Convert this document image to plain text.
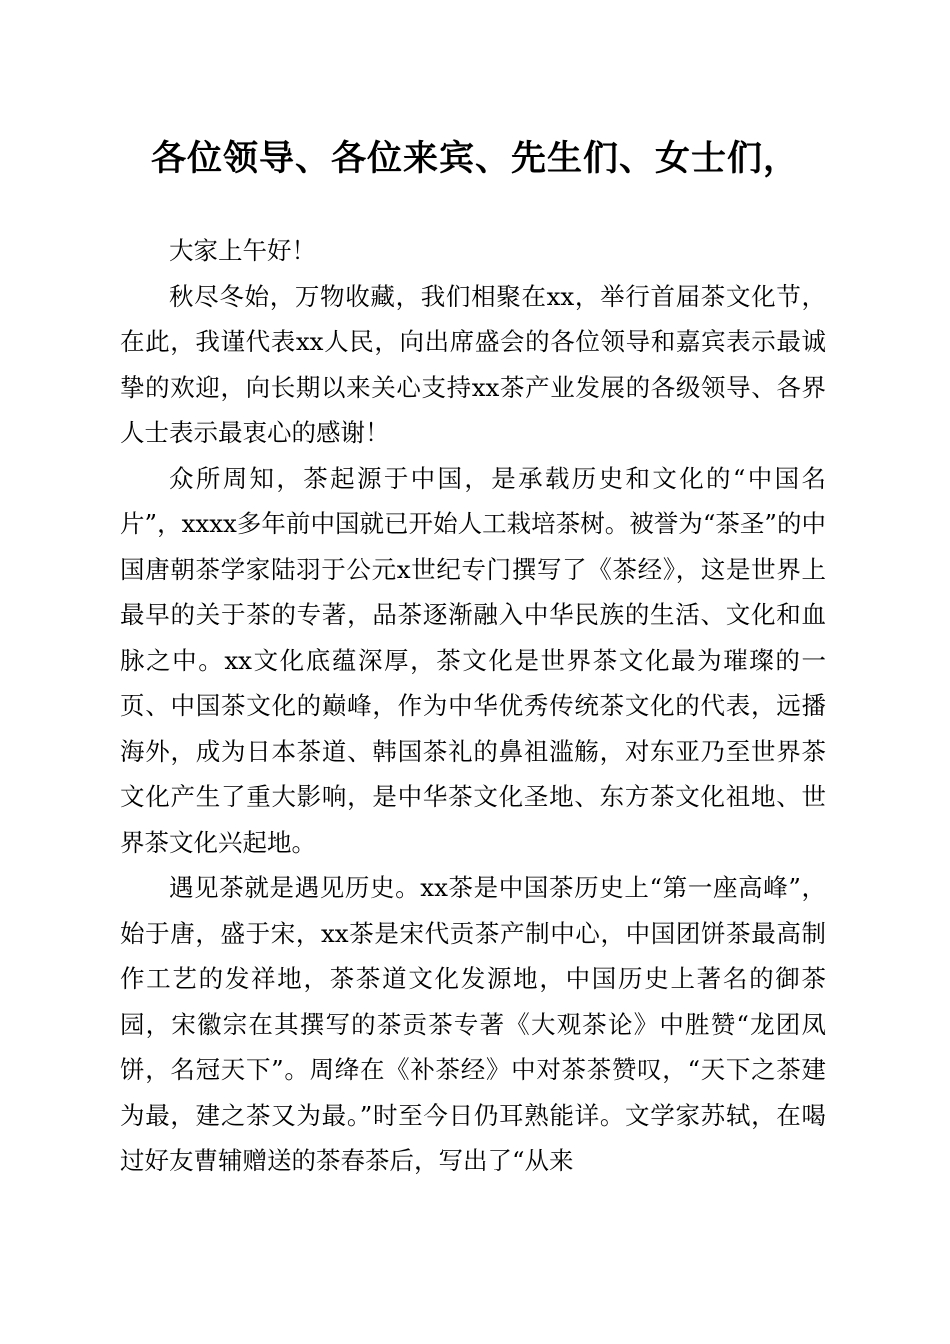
各位领导、各位来宾、先生们、女士们，

大家上午好！

秋尽冬始，万物收藏，我们相聚在xx，举行首届茶文化节，在此，我谨代表xx人民，向出席盛会的各位领导和嘉宾表示最诚挚的欢迎，向长期以来关心支持xx茶产业发展的各级领导、各界人士表示最衷心的感谢！

众所周知，茶起源于中国，是承载历史和文化的“中国名片”，xxxx多年前中国就已开始人工栽培茶树。被誉为“茶圣”的中国唐朝茶学家陆羽于公元x世纪专门撰写了《茶经》，这是世界上最早的关于茶的专著，品茶逐渐融入中华民族的生活、文化和血脉之中。xx文化底蕴深厚，茶文化是世界茶文化最为璀璨的一页、中国茶文化的巅峰，作为中华优秀传统茶文化的代表，远播海外，成为日本茶道、韩国茶礼的鼻祖滥觞，对东亚乃至世界茶文化产生了重大影响，是中华茶文化圣地、东方茶文化祖地、世界茶文化兴起地。

遇见茶就是遇见历史。xx茶是中国茶历史上“第一座高峰”，始于唐，盛于宋，xx茶是宋代贡茶产制中心，中国团饼茶最高制作工艺的发祥地，茶茶道文化发源地，中国历史上著名的御茶园，宋徽宗在其撰写的茶贡茶专著《大观茶论》中胜赞“龙团凤饼，名冠天下”。周绛在《补茶经》中对茶茶赞叹，“天下之茶建为最，建之茶又为最。”时至今日仍耳熟能详。文学家苏轼，在喝过好友曹辅赠送的茶春茶后，写出了“从来
